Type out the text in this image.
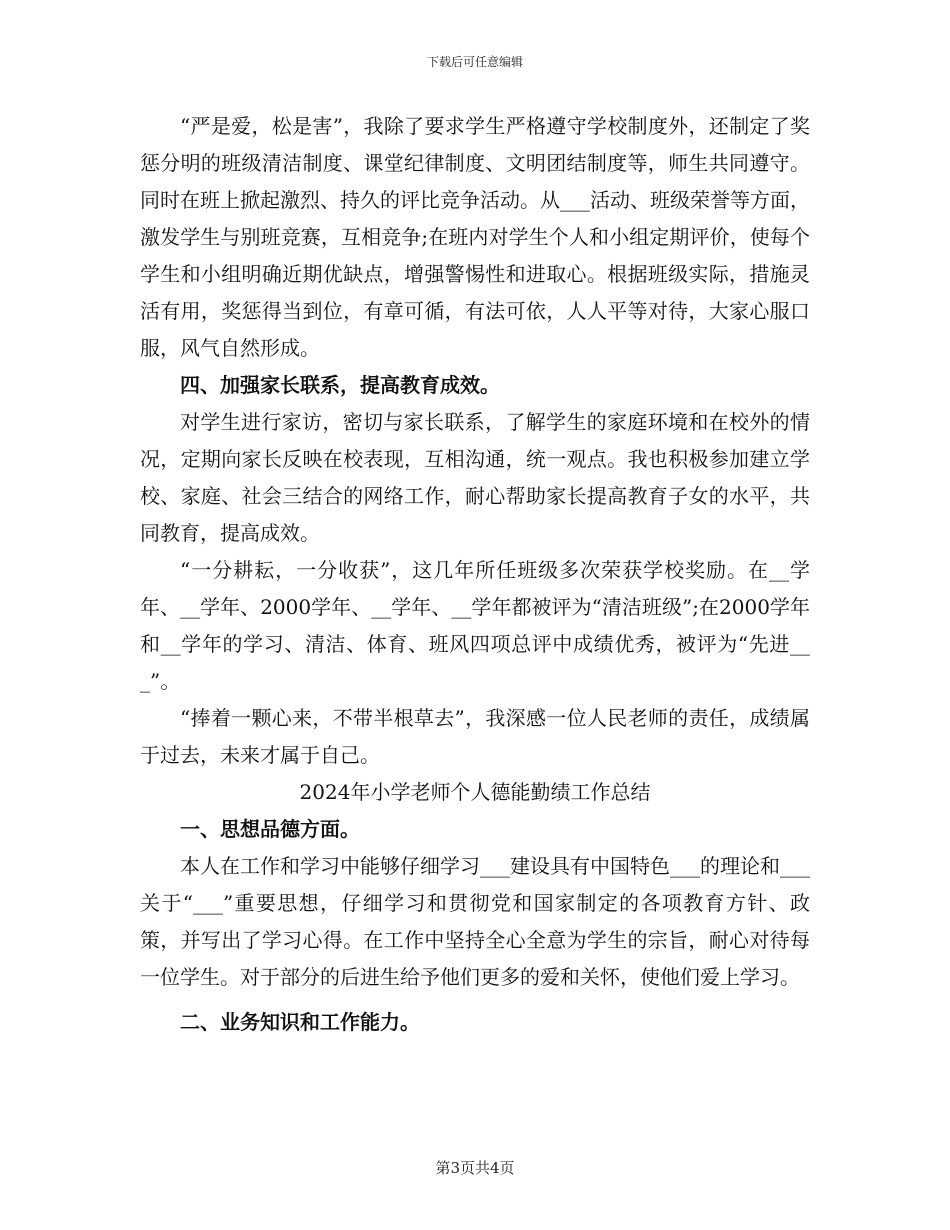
下载后可任意编辑

“严是爱，松是害”，我除了要求学生严格遵守学校制度外，还制定了奖惩分明的班级清洁制度、课堂纪律制度、文明团结制度等，师生共同遵守。同时在班上掀起激烈、持久的评比竞争活动。从___活动、班级荣誉等方面，激发学生与别班竞赛，互相竞争;在班内对学生个人和小组定期评价，使每个学生和小组明确近期优缺点，增强警惕性和进取心。根据班级实际，措施灵活有用，奖惩得当到位，有章可循，有法可依，人人平等对待，大家心服口服，风气自然形成。

四、加强家长联系，提高教育成效。

对学生进行家访，密切与家长联系，了解学生的家庭环境和在校外的情况，定期向家长反映在校表现，互相沟通，统一观点。我也积极参加建立学校、家庭、社会三结合的网络工作，耐心帮助家长提高教育子女的水平，共同教育，提高成效。

“一分耕耘，一分收获”，这几年所任班级多次荣获学校奖励。在__学年、__学年、2000学年、__学年、__学年都被评为“清洁班级”;在2000学年和__学年的学习、清洁、体育、班风四项总评中成绩优秀，被评为“先进___”。

“捧着一颗心来，不带半根草去”，我深感一位人民老师的责任，成绩属于过去，未来才属于自己。

2024年小学老师个人德能勤绩工作总结

一、思想品德方面。

本人在工作和学习中能够仔细学习___建设具有中国特色___的理论和___关于“___”重要思想，仔细学习和贯彻党和国家制定的各项教育方针、政策，并写出了学习心得。在工作中坚持全心全意为学生的宗旨，耐心对待每一位学生。对于部分的后进生给予他们更多的爱和关怀，使他们爱上学习。

二、业务知识和工作能力。

第3页共4页
